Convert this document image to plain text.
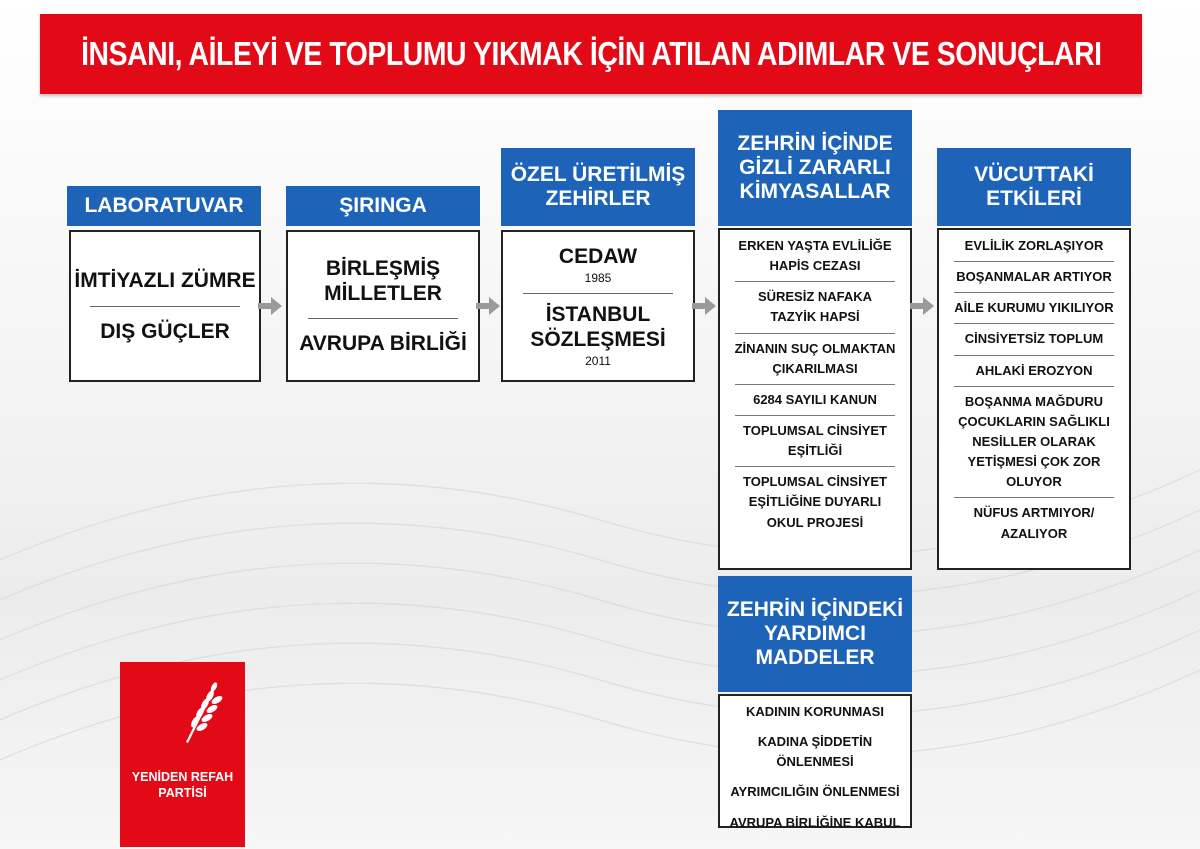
İNSANI, AİLEYİ VE TOPLUMU YIKMAK İÇİN ATILAN ADIMLAR VE SONUÇLARI
LABORATUVAR
İMTİYAZLI ZÜMRE
DIŞ GÜÇLER
ŞIRINGA
BİRLEŞMİŞ MİLLETLER
AVRUPA BİRLİĞİ
ÖZEL ÜRETİLMİŞ
ZEHİRLER
CEDAW
1985
İSTANBUL
SÖZLEŞMESİ
2011
ZEHRİN İÇİNDE
GİZLİ ZARARLI
KİMYASALLAR
ERKEN YAŞTA EVLİLİĞE
HAPİS CEZASI
SÜRESİZ NAFAKA
TAZYİK HAPSİ
ZİNANIN SUÇ OLMAKTAN
ÇIKARILMASI
6284 SAYILI KANUN
TOPLUMSAL CİNSİYET
EŞİTLİĞİ
TOPLUMSAL CİNSİYET
EŞİTLİĞİNE DUYARLI
OKUL PROJESİ
VÜCUTTAKİ
ETKİLERİ
EVLİLİK ZORLAŞIYOR
BOŞANMALAR ARTIYOR
AİLE KURUMU YIKILIYOR
CİNSİYETSİZ TOPLUM
AHLAKİ EROZYON
BOŞANMA MAĞDURU
ÇOCUKLARIN SAĞLIKLI
NESİLLER OLARAK
YETİŞMESİ ÇOK ZOR
OLUYOR
NÜFUS ARTMIYOR/
AZALIYOR
ZEHRİN İÇİNDEKİ
YARDIMCI
MADDELER
KADININ KORUNMASI
KADINA ŞİDDETİN ÖNLENMESİ
AYRIMCILIĞIN ÖNLENMESİ
AVRUPA BİRLİĞİNE KABUL
YENİDEN REFAH
PARTİSİ
